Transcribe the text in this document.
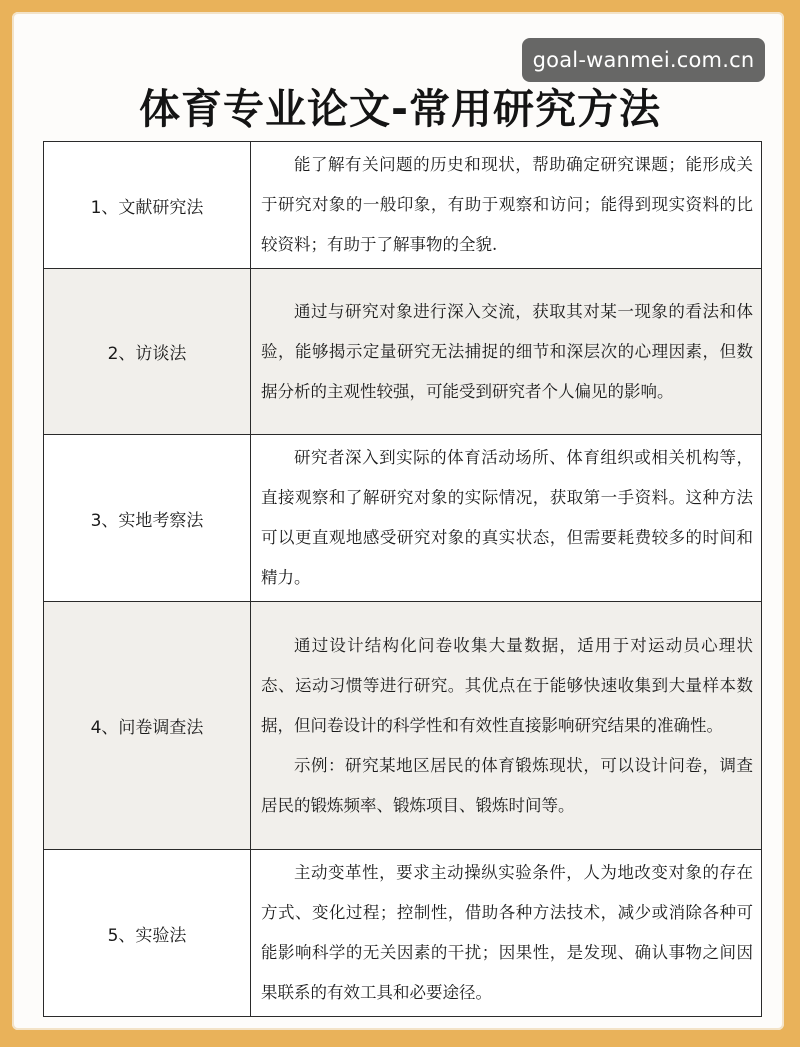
goal-wanmei.com.cn
体育专业论文-常用研究方法
1、文献研究法	能了解有关问题的历史和现状，帮助确定研究课题；能形成关于研究对象的一般印象，有助于观察和访问；能得到现实资料的比较资料；有助于了解事物的全貌.

2、访谈法	通过与研究对象进行深入交流，获取其对某一现象的看法和体验，能够揭示定量研究无法捕捉的细节和深层次的心理因素，但数据分析的主观性较强，可能受到研究者个人偏见的影响。

3、实地考察法	研究者深入到实际的体育活动场所、体育组织或相关机构等，直接观察和了解研究对象的实际情况，获取第一手资料。这种方法可以更直观地感受研究对象的真实状态，但需要耗费较多的时间和精力。

4、问卷调查法	通过设计结构化问卷收集大量数据，适用于对运动员心理状态、运动习惯等进行研究。其优点在于能够快速收集到大量样本数据，但问卷设计的科学性和有效性直接影响研究结果的准确性。

示例：研究某地区居民的体育锻炼现状，可以设计问卷，调查居民的锻炼频率、锻炼项目、锻炼时间等。

5、实验法	主动变革性，要求主动操纵实验条件，人为地改变对象的存在方式、变化过程；控制性，借助各种方法技术，减少或消除各种可能影响科学的无关因素的干扰；因果性，是发现、确认事物之间因果联系的有效工具和必要途径。
